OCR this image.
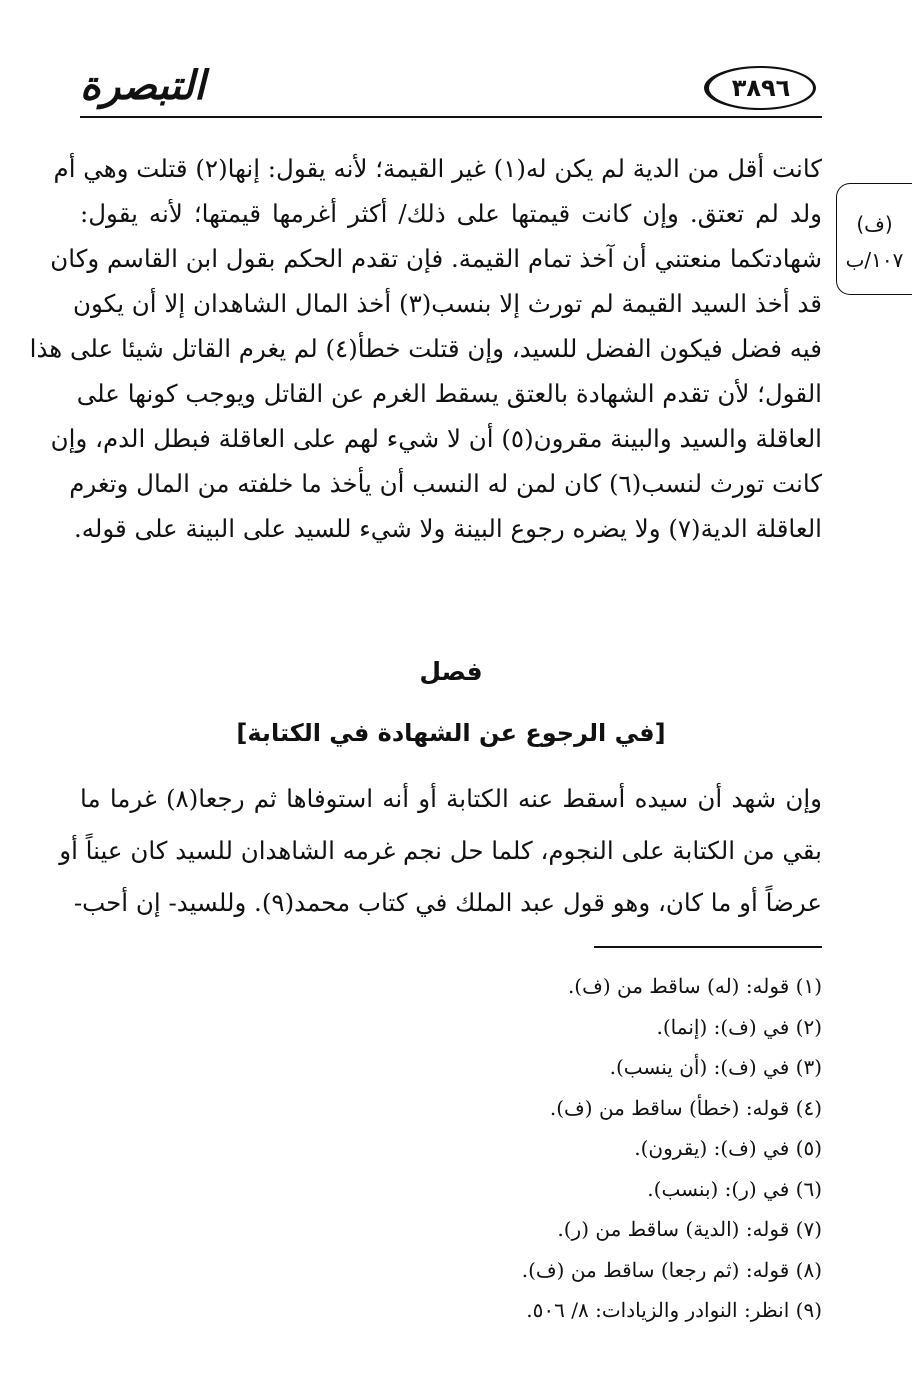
التبصرة	٣٨٩٦
(ف)
١٠٧/ب
كانت أقل من الدية لم يكن له(١) غير القيمة؛ لأنه يقول: إنها(٢) قتلت وهي أم
ولد لم تعتق. وإن كانت قيمتها على ذلك/ أكثر أغرمها قيمتها؛ لأنه يقول:
شهادتكما منعتني أن آخذ تمام القيمة. فإن تقدم الحكم بقول ابن القاسم وكان
قد أخذ السيد القيمة لم تورث إلا بنسب(٣) أخذ المال الشاهدان إلا أن يكون
فيه فضل فيكون الفضل للسيد، وإن قتلت خطأ(٤) لم يغرم القاتل شيئا على هذا
القول؛ لأن تقدم الشهادة بالعتق يسقط الغرم عن القاتل ويوجب كونها على
العاقلة والسيد والبينة مقرون(٥) أن لا شيء لهم على العاقلة فبطل الدم، وإن
كانت تورث لنسب(٦) كان لمن له النسب أن يأخذ ما خلفته من المال وتغرم
العاقلة الدية(٧) ولا يضره رجوع البينة ولا شيء للسيد على البينة على قوله.
فصل
[في الرجوع عن الشهادة في الكتابة]
وإن شهد أن سيده أسقط عنه الكتابة أو أنه استوفاها ثم رجعا(٨) غرما ما
بقي من الكتابة على النجوم، كلما حل نجم غرمه الشاهدان للسيد كان عيناً أو
عرضاً أو ما كان، وهو قول عبد الملك في كتاب محمد(٩). وللسيد- إن أحب-
(١) قوله: (له) ساقط من (ف).
(٢) في (ف): (إنما).
(٣) في (ف): (أن ينسب).
(٤) قوله: (خطأ) ساقط من (ف).
(٥) في (ف): (يقرون).
(٦) في (ر): (بنسب).
(٧) قوله: (الدية) ساقط من (ر).
(٨) قوله: (ثم رجعا) ساقط من (ف).
(٩) انظر: النوادر والزيادات: ٨/ ٥٠٦.
